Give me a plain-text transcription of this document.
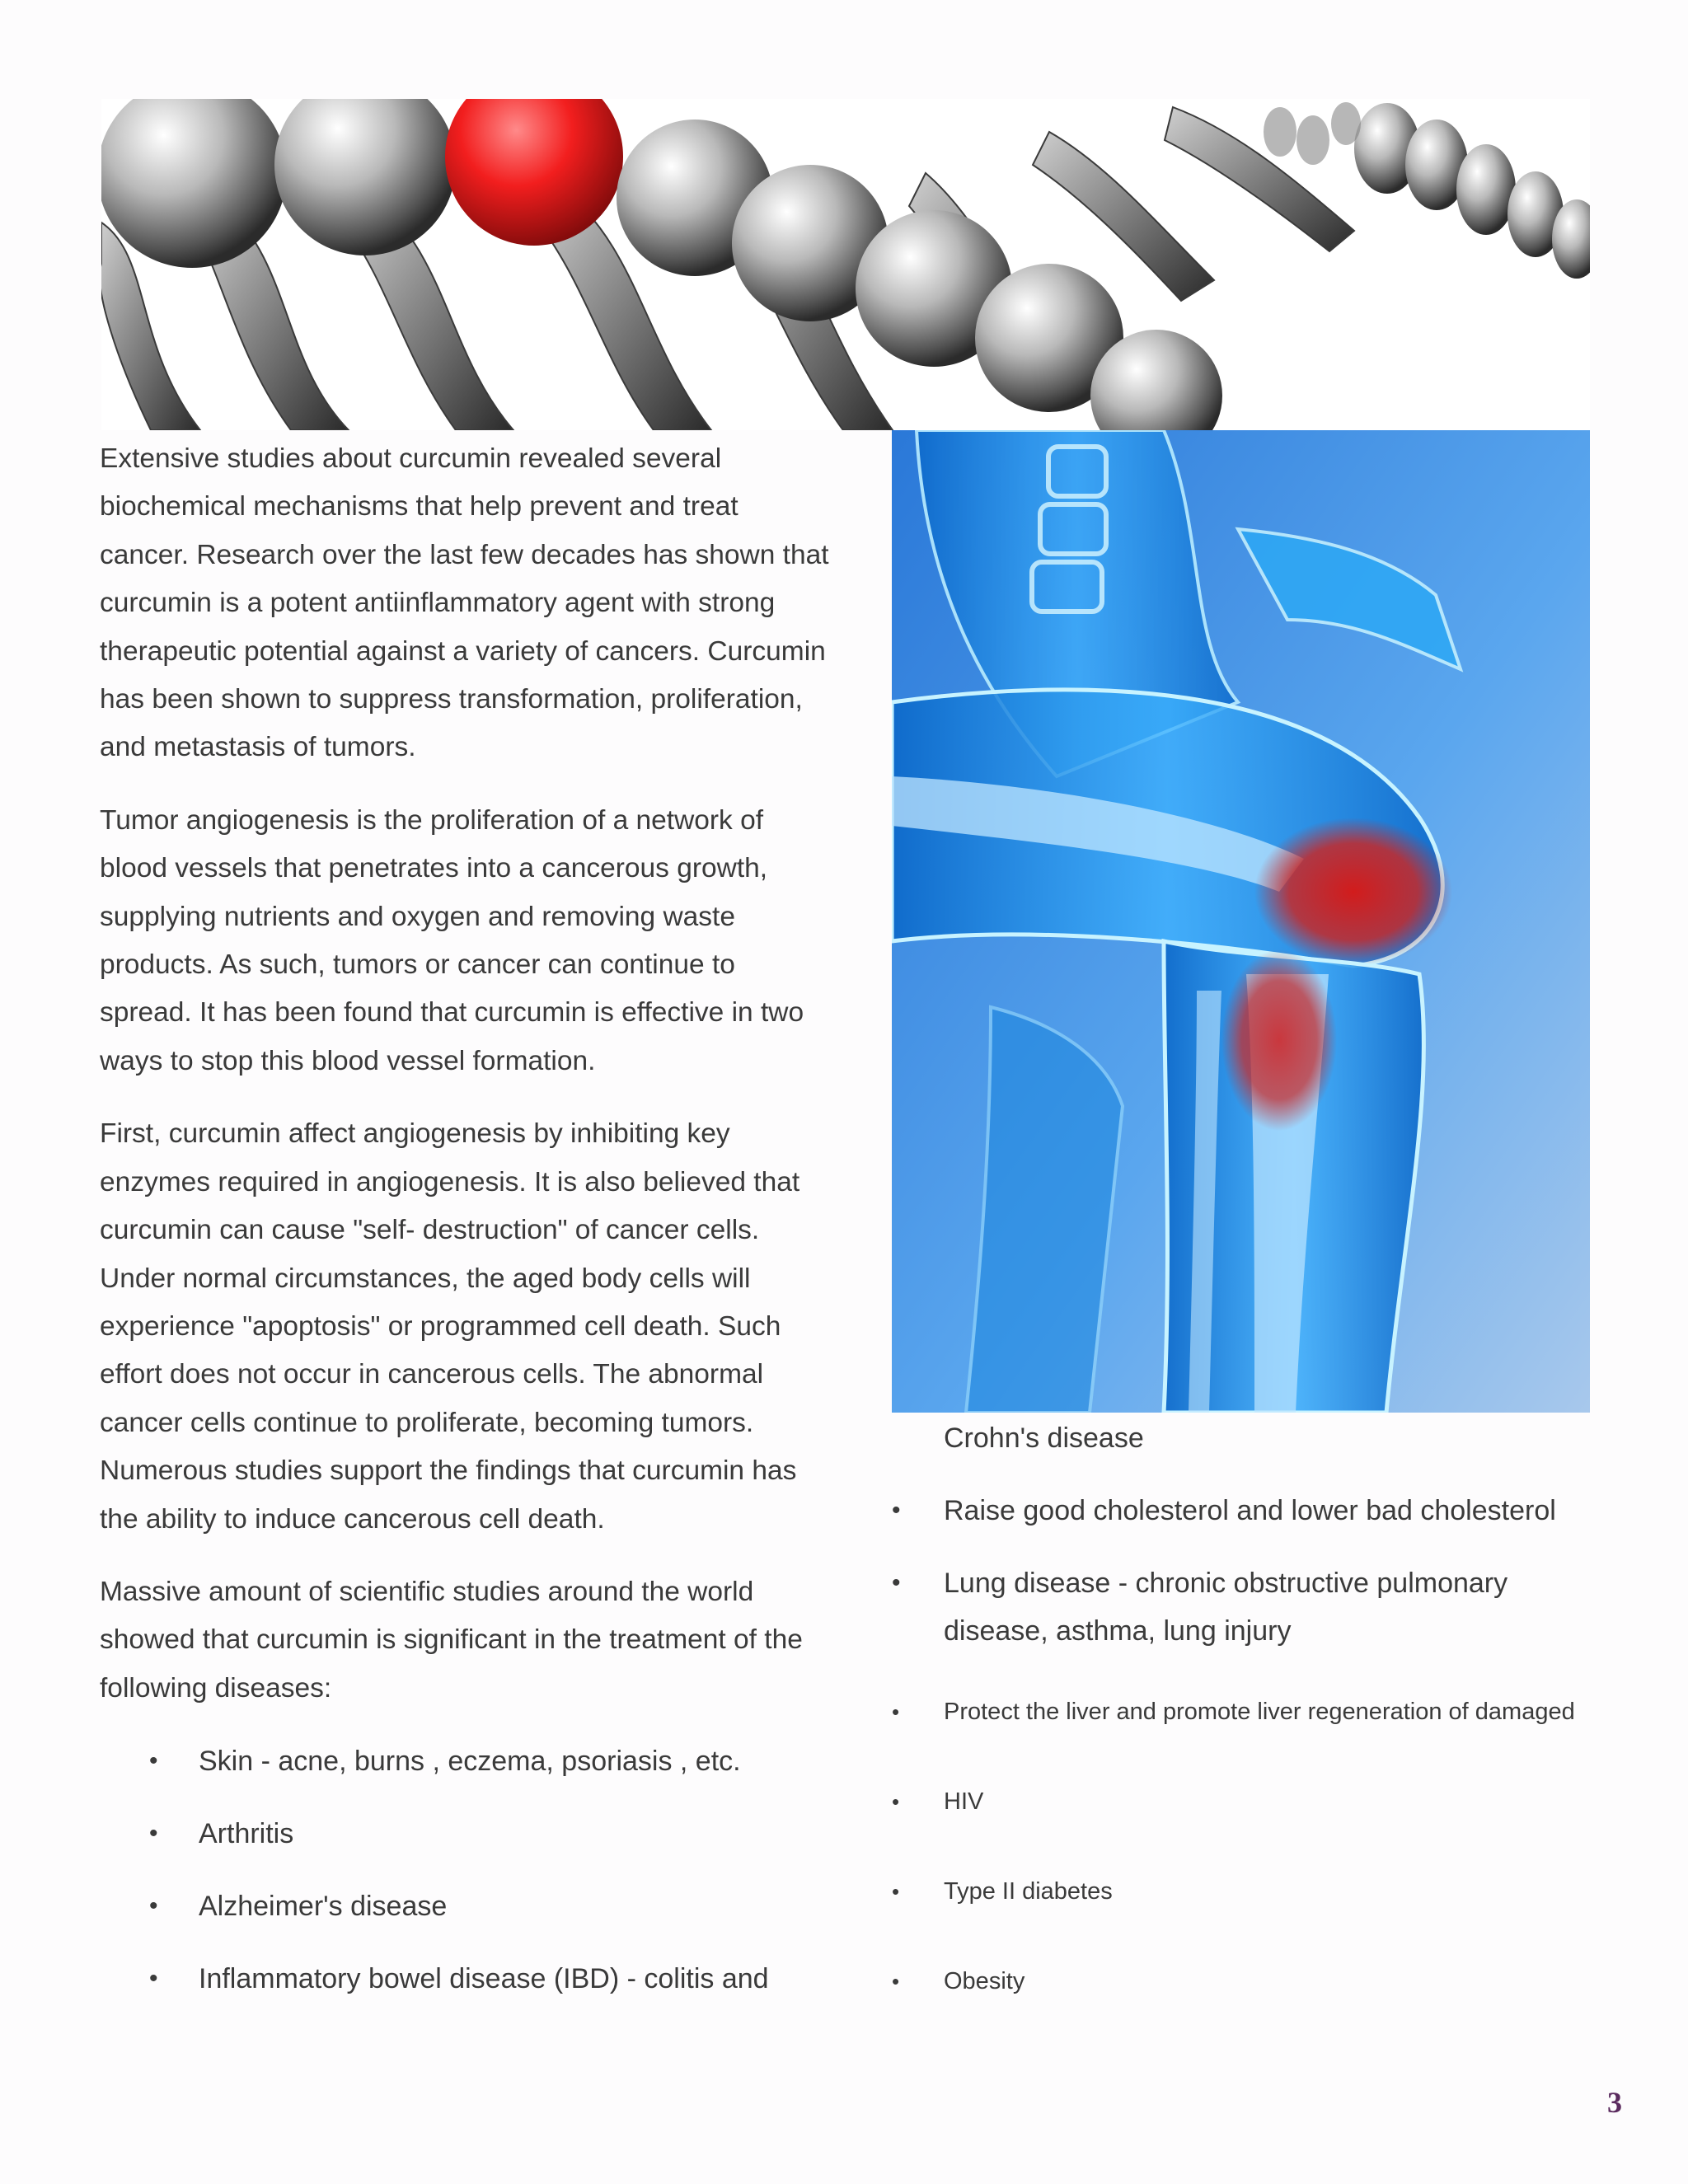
Extensive studies about curcumin revealed several biochemical mechanisms that help prevent and treat cancer. Research over the last few decades has shown that curcumin is a potent antiinflammatory agent with strong therapeutic potential against a variety of cancers. Curcumin has been shown to suppress transformation, proliferation, and metastasis of tumors.

Tumor angiogenesis is the proliferation of a network of blood vessels that penetrates into a cancerous growth, supplying nutrients and oxygen and removing waste products. As such, tumors or cancer can continue to spread. It has been found that curcumin is effective in two ways to stop this blood vessel formation.

First, curcumin affect angiogenesis by inhibiting key enzymes required in angiogenesis. It is also believed that curcumin can cause "self- destruction" of cancer cells. Under normal circumstances, the aged body cells will experience "apoptosis" or programmed cell death. Such effort does not occur in cancerous cells. The abnormal cancer cells continue to proliferate, becoming tumors. Numerous studies support the findings that curcumin has the ability to induce cancerous cell death.

Massive amount of scientific studies around the world showed that curcumin is significant in the treatment of the following diseases:

• Skin - acne, burns , eczema, psoriasis , etc.
• Arthritis
• Alzheimer's disease
• Inflammatory bowel disease (IBD) - colitis and
Crohn's disease
• Raise good cholesterol and lower bad cholesterol
• Lung disease - chronic obstructive pulmonary disease, asthma, lung injury
• Protect the liver and promote liver regeneration of damaged
• HIV
• Type II diabetes
• Obesity
3
